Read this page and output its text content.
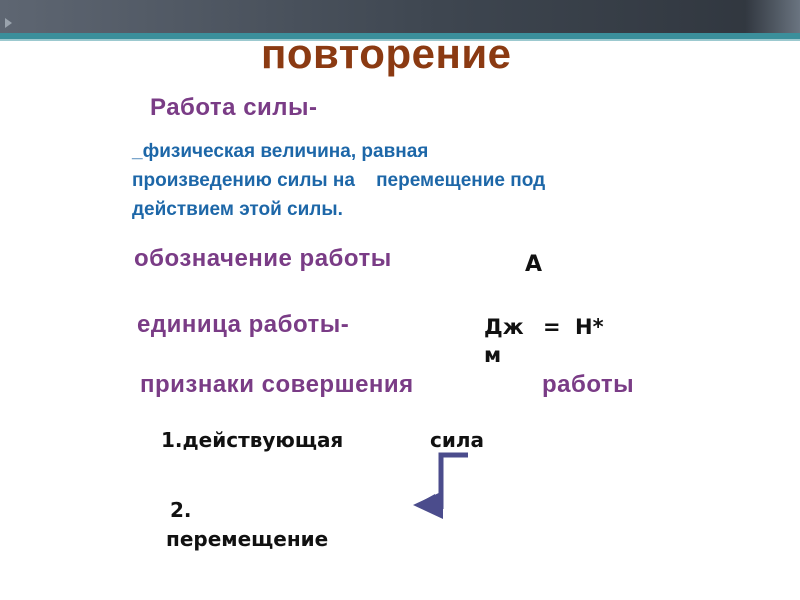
повторение
Работа силы-
_физическая величина, равная
произведению силы на    перемещение под
действием этой силы.
обозначение работы	А
единица работы-	Дж = Н*
м
признаки совершения	работы
1.действующая	сила
2.
перемещение
